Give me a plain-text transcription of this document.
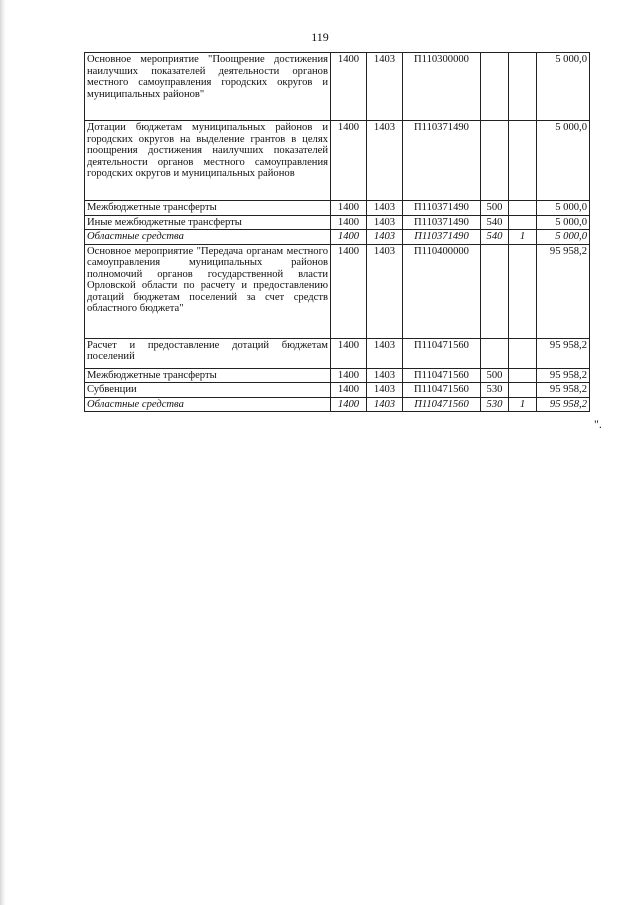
119
Основное мероприятие "Поощрение достижения наилучших показателей деятельности органов местного самоуправления городских округов и муниципальных районов"	1400	1403	П110300000			5 000,0
Дотации бюджетам муниципальных районов и городских округов на выделение грантов в целях поощрения достижения наилучших показателей деятельности органов местного самоуправления городских округов и муниципальных районов	1400	1403	П110371490			5 000,0
Межбюджетные трансферты	1400	1403	П110371490	500		5 000,0
Иные межбюджетные трансферты	1400	1403	П110371490	540		5 000,0
Областные средства	1400	1403	П110371490	540	1	5 000,0
Основное мероприятие "Передача органам местного самоуправления муниципальных районов полномочий органов государственной власти Орловской области по расчету и предоставлению дотаций бюджетам поселений за счет средств областного бюджета"	1400	1403	П110400000			95 958,2
Расчет и предоставление дотаций бюджетам поселений	1400	1403	П110471560			95 958,2
Межбюджетные трансферты	1400	1403	П110471560	500		95 958,2
Субвенции	1400	1403	П110471560	530		95 958,2
Областные средства	1400	1403	П110471560	530	1	95 958,2
".
